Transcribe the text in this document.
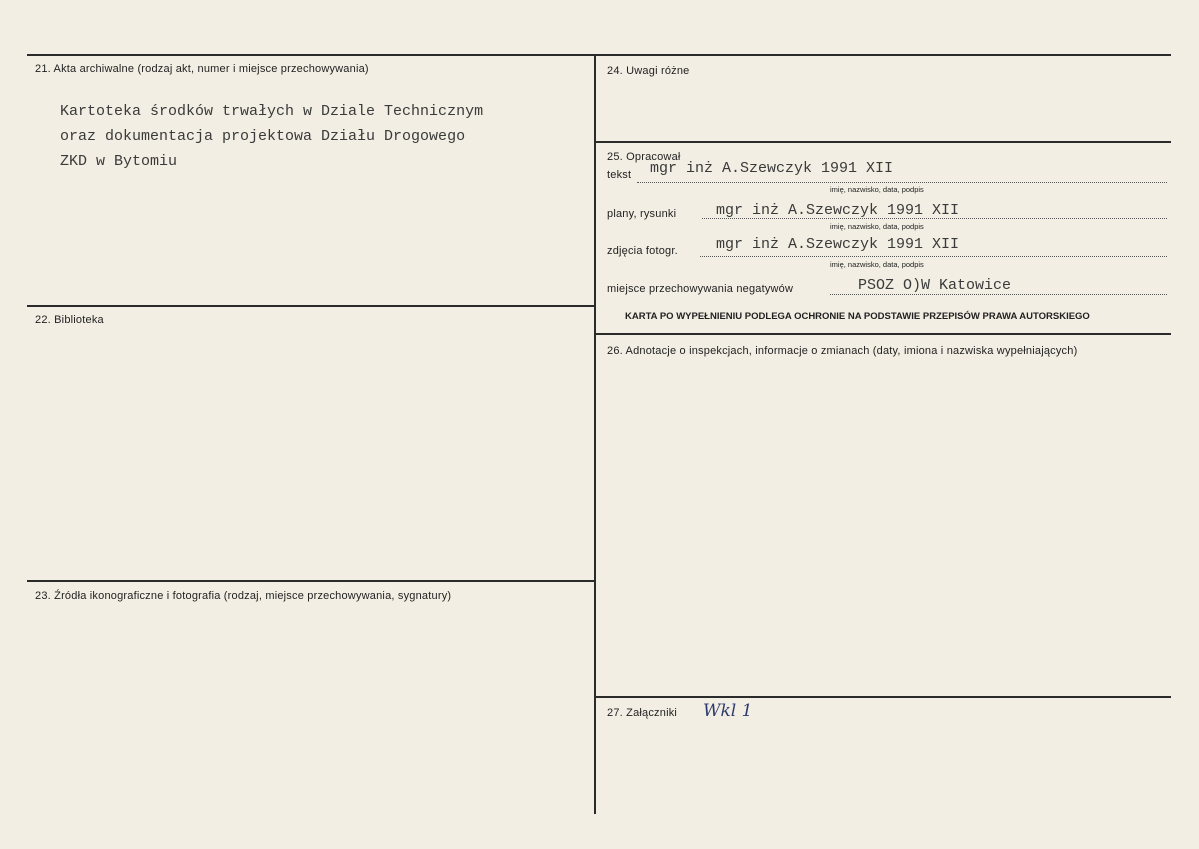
21. Akta archiwalne (rodzaj akt, numer i miejsce przechowywania)
Kartoteka środków trwałych w Dziale Technicznym
oraz dokumentacja projektowa Działu Drogowego
ZKD w Bytomiu
22. Biblioteka
23. Źródła ikonograficzne i fotografia (rodzaj, miejsce przechowywania, sygnatury)
24. Uwagi różne
25. Opracował
tekst mgr inż A.Szewczyk 1991 XII
imię, nazwisko, data, podpis
plany, rysunki	mgr inż A.Szewczyk 1991 XII
imię, nazwisko, data, podpis
zdjęcia fotogr.	mgr inż A.Szewczyk 1991 XII
imię, nazwisko, data, podpis
miejsce przechowywania negatywów	PSOZ O)W Katowice
KARTA PO WYPEŁNIENIU PODLEGA OCHRONIE NA PODSTAWIE PRZEPISÓW PRAWA AUTORSKIEGO
26. Adnotacje o inspekcjach, informacje o zmianach (daty, imiona i nazwiska wypełniających)
27. Załączniki Wkl 1
